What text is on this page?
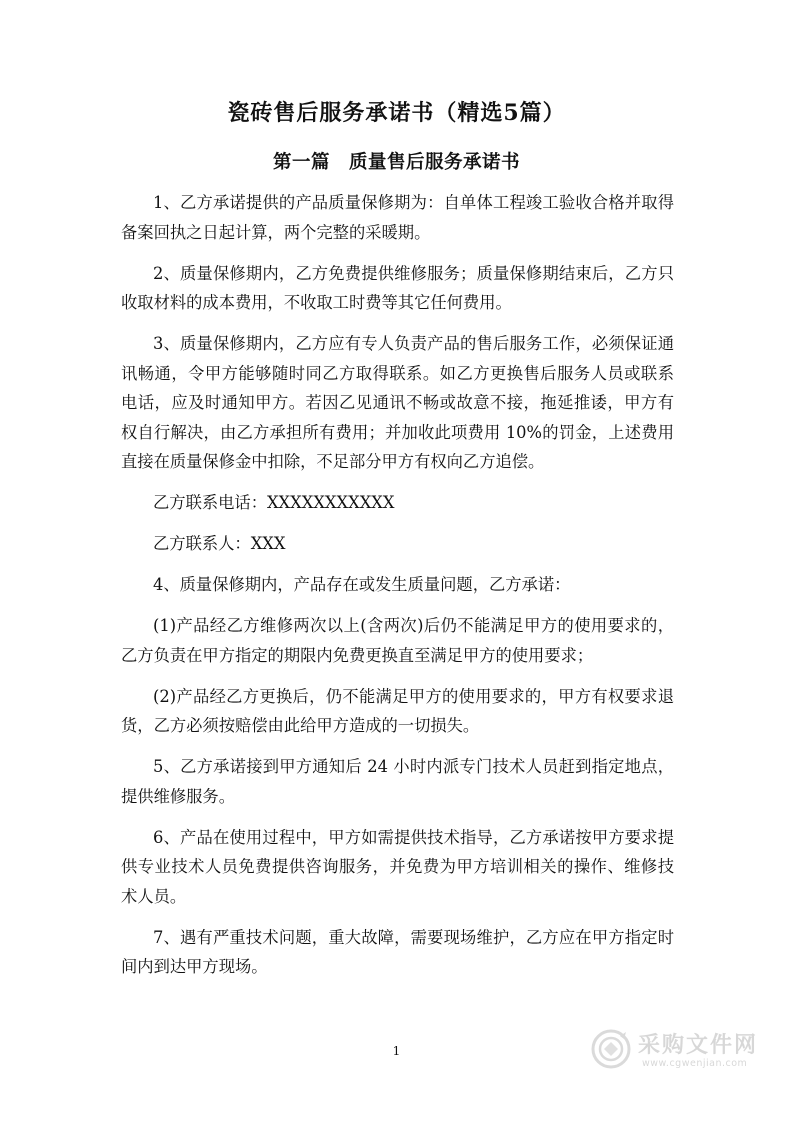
瓷砖售后服务承诺书（精选5篇）
第一篇　质量售后服务承诺书

1、乙方承诺提供的产品质量保修期为：自单体工程竣工验收合格并取得备案回执之日起计算，两个完整的采暖期。

2、质量保修期内，乙方免费提供维修服务；质量保修期结束后，乙方只收取材料的成本费用，不收取工时费等其它任何费用。

3、质量保修期内，乙方应有专人负责产品的售后服务工作，必须保证通讯畅通，令甲方能够随时同乙方取得联系。如乙方更换售后服务人员或联系电话，应及时通知甲方。若因乙见通讯不畅或故意不接，拖延推诿，甲方有权自行解决，由乙方承担所有费用；并加收此项费用 10%的罚金，上述费用直接在质量保修金中扣除，不足部分甲方有权向乙方追偿。

乙方联系电话：XXXXXXXXXXX

乙方联系人：XXX

4、质量保修期内，产品存在或发生质量问题，乙方承诺：

(1)产品经乙方维修两次以上(含两次)后仍不能满足甲方的使用要求的，乙方负责在甲方指定的期限内免费更换直至满足甲方的使用要求；

(2)产品经乙方更换后，仍不能满足甲方的使用要求的，甲方有权要求退货，乙方必须按赔偿由此给甲方造成的一切损失。

5、乙方承诺接到甲方通知后 24 小时内派专门技术人员赶到指定地点，提供维修服务。

6、产品在使用过程中，甲方如需提供技术指导，乙方承诺按甲方要求提供专业技术人员免费提供咨询服务，并免费为甲方培训相关的操作、维修技术人员。

7、遇有严重技术问题，重大故障，需要现场维护，乙方应在甲方指定时间内到达甲方现场。

1	采购文件网
www.cgwenjian.com
